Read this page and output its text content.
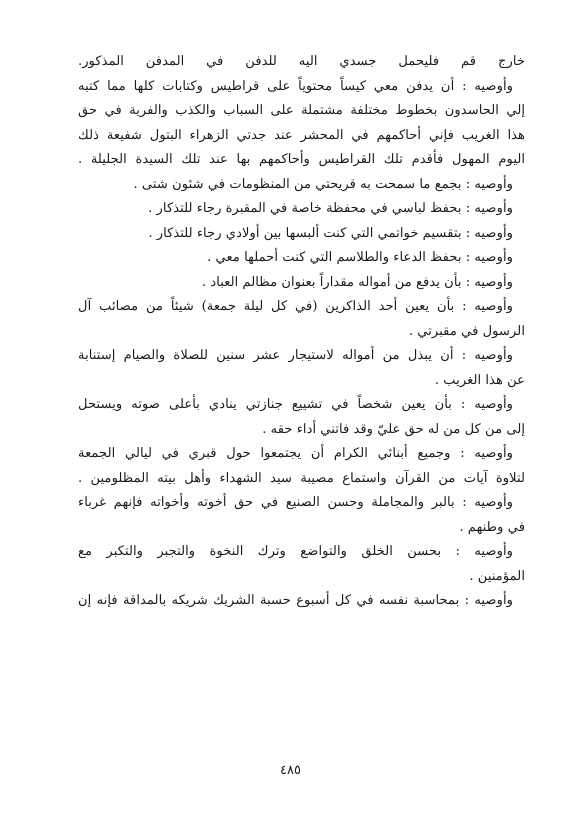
خارج قم فليحمل جسدي اليه للدفن في المدفن المذكور.
وأوصيه : أن يدفن معي كيساً محتوياً على قراطيس وكتابات كلها مما كتبه
إلي الحاسدون بخطوط مختلفة مشتملة على السباب والكذب والفرية في حق
هذا الغريب فإني أحاكمهم في المحشر عند جدتي الزهراء البتول شفيعة ذلك
اليوم المهول فأقدم تلك القراطيس وأحاكمهم بها عند تلك السيدة الجليلة .
وأوصيه : بجمع ما سمحت به قريحتي من المنظومات في شئون شتى .
وأوصيه : بحفظ لباسي في محفظة خاصة في المقبرة رجاء للتذكار .
وأوصيه : بتقسيم خواتمي التي كنت ألبسها بين أولادي رجاء للتذكار .
وأوصيه : بحفظ الدعاء والطلاسم التي كنت أحملها معي .
وأوصيه : بأن يدفع من أمواله مقداراً بعنوان مظالم العباد .
وأوصيه : بأن يعين أحد الذاكرين (في كل ليلة جمعة) شيئاً من مصائب آل
الرسول في مقبرتي .
وأوصيه : أن يبذل من أمواله لاستيجار عشر سنين للصلاة والصيام إستنابة
عن هذا الغريب .
وأوصيه : بأن يعين شخصاً في تشييع جنازتي ينادي بأعلى صوته ويستحل
إلى من كل من له حق عليّ وقد فاتني أداء حقه .
وأوصيه : وجميع أبنائي الكرام أن يجتمعوا حول قبري في ليالي الجمعة
لتلاوة آيات من القرآن واستماع مصيبة سيد الشهداء وأهل بيته المظلومين .
وأوصيه : بالبر والمجاملة وحسن الصنيع في حق أخوته وأخواته فإنهم غرباء
في وطنهم .
وأوصيه : بحسن الخلق والتواضع وترك النخوة والتجبر والتكبر مع
المؤمنين .
وأوصيه : بمحاسبة نفسه في كل أسبوع حسبة الشريك شريكه بالمداقة فإنه إن
٤٨٥
